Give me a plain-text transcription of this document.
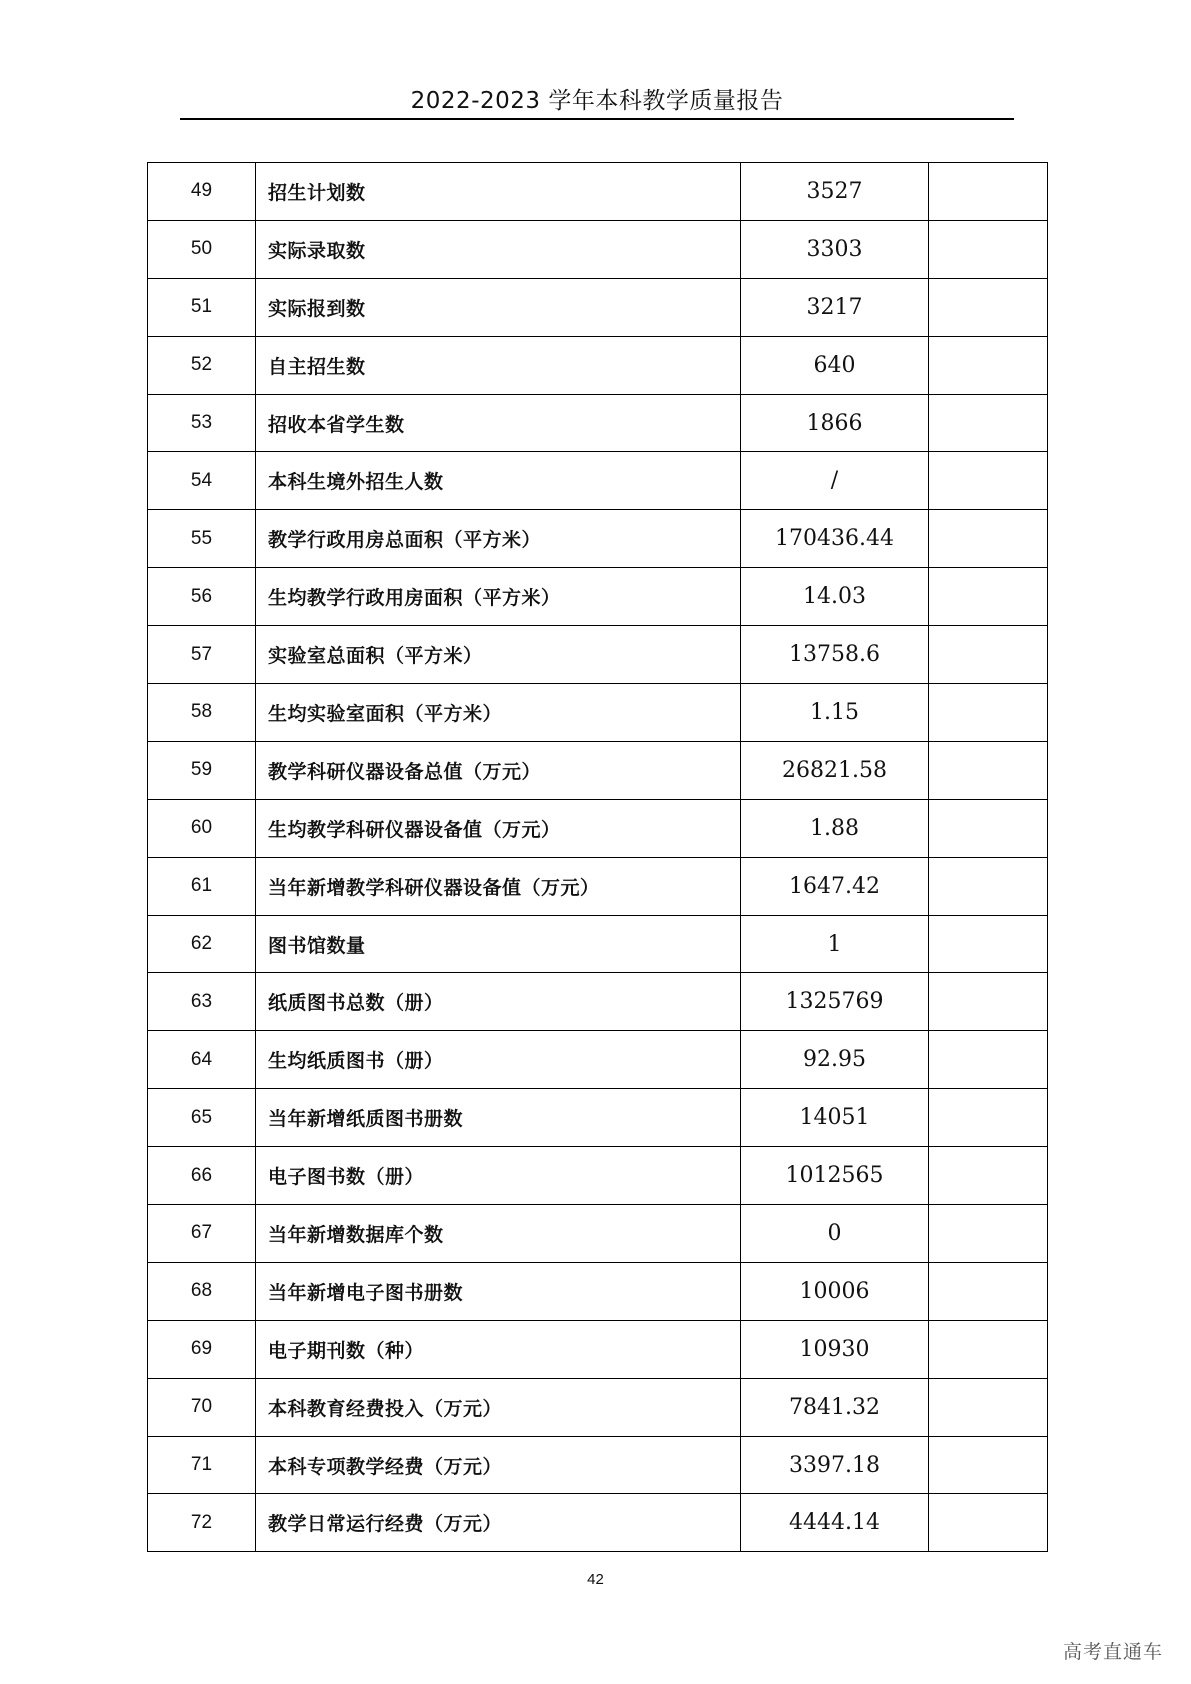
2022-2023 学年本科教学质量报告
49	招生计划数	3527	
50	实际录取数	3303	
51	实际报到数	3217	
52	自主招生数	640	
53	招收本省学生数	1866	
54	本科生境外招生人数	/	
55	教学行政用房总面积（平方米）	170436.44	
56	生均教学行政用房面积（平方米）	14.03	
57	实验室总面积（平方米）	13758.6	
58	生均实验室面积（平方米）	1.15	
59	教学科研仪器设备总值（万元）	26821.58	
60	生均教学科研仪器设备值（万元）	1.88	
61	当年新增教学科研仪器设备值（万元）	1647.42	
62	图书馆数量	1	
63	纸质图书总数（册）	1325769	
64	生均纸质图书（册）	92.95	
65	当年新增纸质图书册数	14051	
66	电子图书数（册）	1012565	
67	当年新增数据库个数	0	
68	当年新增电子图书册数	10006	
69	电子期刊数（种）	10930	
70	本科教育经费投入（万元）	7841.32	
71	本科专项教学经费（万元）	3397.18	
72	教学日常运行经费（万元）	4444.14	
42
高考直通车
